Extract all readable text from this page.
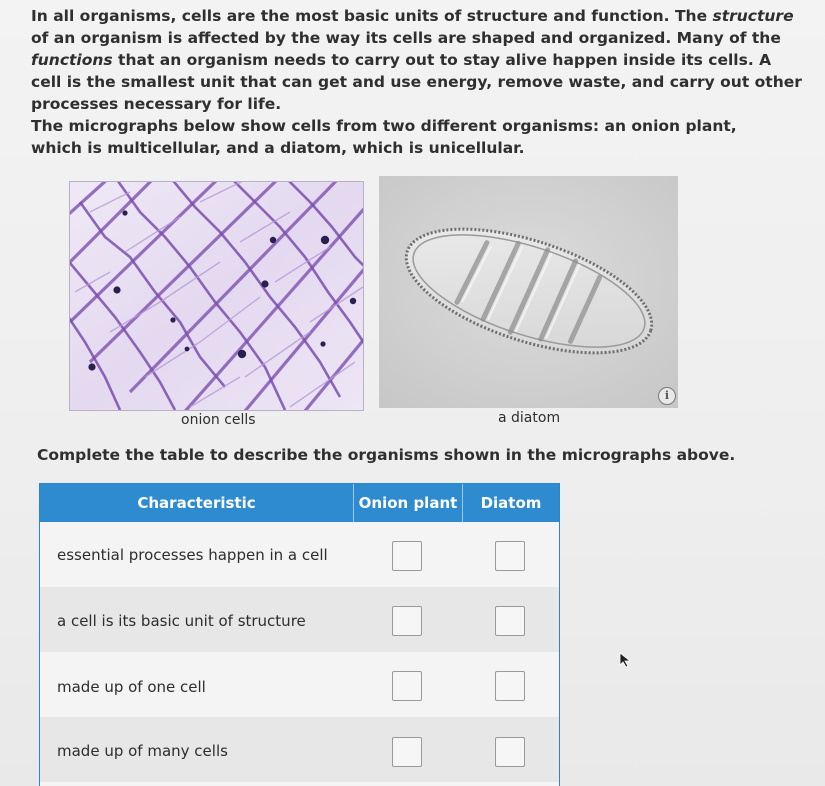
In all organisms, cells are the most basic units of structure and function. The structure of an organism is affected by the way its cells are shaped and organized. Many of the functions that an organism needs to carry out to stay alive happen inside its cells. A cell is the smallest unit that can get and use energy, remove waste, and carry out other processes necessary for life.

The micrographs below show cells from two different organisms: an onion plant, which is multicellular, and a diatom, which is unicellular.

i
onion cells	a diatom
Complete the table to describe the organisms shown in the micrographs above.
Characteristic	Onion plant	Diatom
essential processes happen in a cell
a cell is its basic unit of structure
made up of one cell
made up of many cells
